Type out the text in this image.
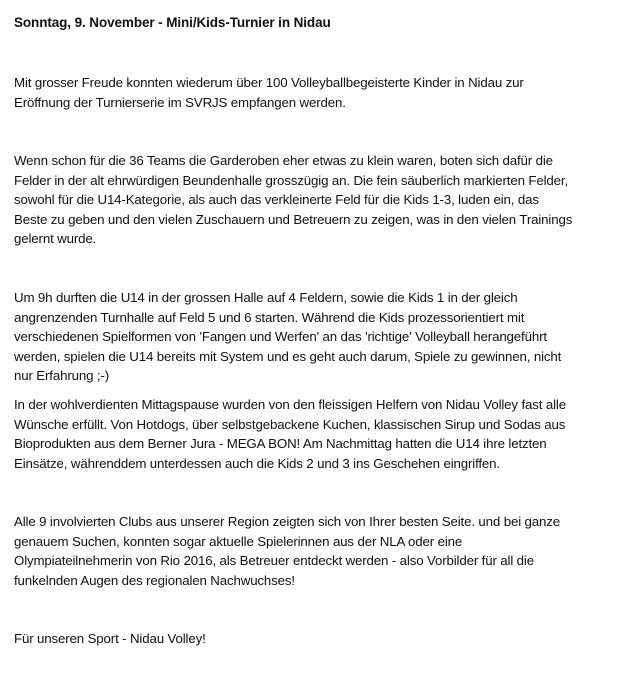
Sonntag, 9. November - Mini/Kids-Turnier in Nidau
Mit grosser Freude konnten wiederum über 100 Volleyballbegeisterte Kinder in Nidau zur
Eröffnung der Turnierserie im SVRJS empfangen werden.
Wenn schon für die 36 Teams die Garderoben eher etwas zu klein waren, boten sich dafür die
Felder in der alt ehrwürdigen Beundenhalle grosszügig an. Die fein säuberlich markierten Felder,
sowohl für die U14-Kategorie, als auch das verkleinerte Feld für die Kids 1-3, luden ein, das
Beste zu geben und den vielen Zuschauern und Betreuern zu zeigen, was in den vielen Trainings
gelernt wurde.
Um 9h durften die U14 in der grossen Halle auf 4 Feldern, sowie die Kids 1 in der gleich
angrenzenden Turnhalle auf Feld 5 und 6 starten. Während die Kids prozessorientiert mit
verschiedenen Spielformen von 'Fangen und Werfen' an das 'richtige' Volleyball herangeführt
werden, spielen die U14 bereits mit System und es geht auch darum, Spiele zu gewinnen, nicht
nur Erfahrung ;-)
In der wohlverdienten Mittagspause wurden von den fleissigen Helfern von Nidau Volley fast alle
Wünsche erfüllt. Von Hotdogs, über selbstgebackene Kuchen, klassischen Sirup und Sodas aus
Bioprodukten aus dem Berner Jura - MEGA BON! Am Nachmittag hatten die U14 ihre letzten
Einsätze, währenddem unterdessen auch die Kids 2 und 3 ins Geschehen eingriffen.
Alle 9 involvierten Clubs aus unserer Region zeigten sich von Ihrer besten Seite. und bei ganze
genauem Suchen, konnten sogar aktuelle Spielerinnen aus der NLA oder eine
Olympiateilnehmerin von Rio 2016, als Betreuer entdeckt werden - also Vorbilder für all die
funkelnden Augen des regionalen Nachwuchses!
Für unseren Sport - Nidau Volley!
